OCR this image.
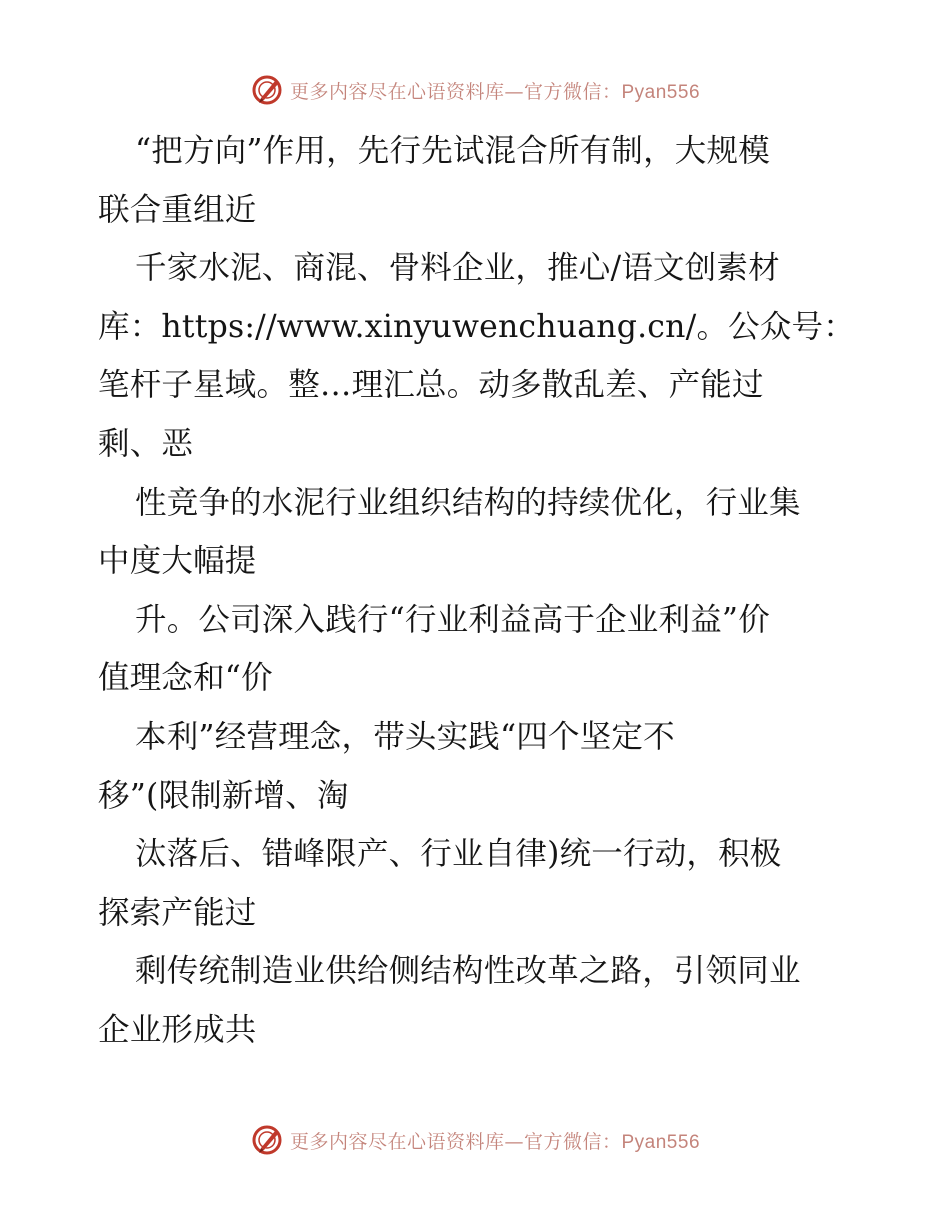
更多内容尽在心语资料库—官方微信：Pyan556
“把方向”作用，先行先试混合所有制，大规模
联合重组近
千家水泥、商混、骨料企业，推心/语文创素材
库：https://www.xinyuwenchuang.cn/。公众号：
笔杆子星域。整…理汇总。动多散乱差、产能过
剩、恶
性竞争的水泥行业组织结构的持续优化，行业集
中度大幅提
升。公司深入践行“行业利益高于企业利益”价
值理念和“价
本利”经营理念，带头实践“四个坚定不
移”(限制新增、淘
汰落后、错峰限产、行业自律)统一行动，积极
探索产能过
剩传统制造业供给侧结构性改革之路，引领同业
企业形成共
更多内容尽在心语资料库—官方微信：Pyan556
